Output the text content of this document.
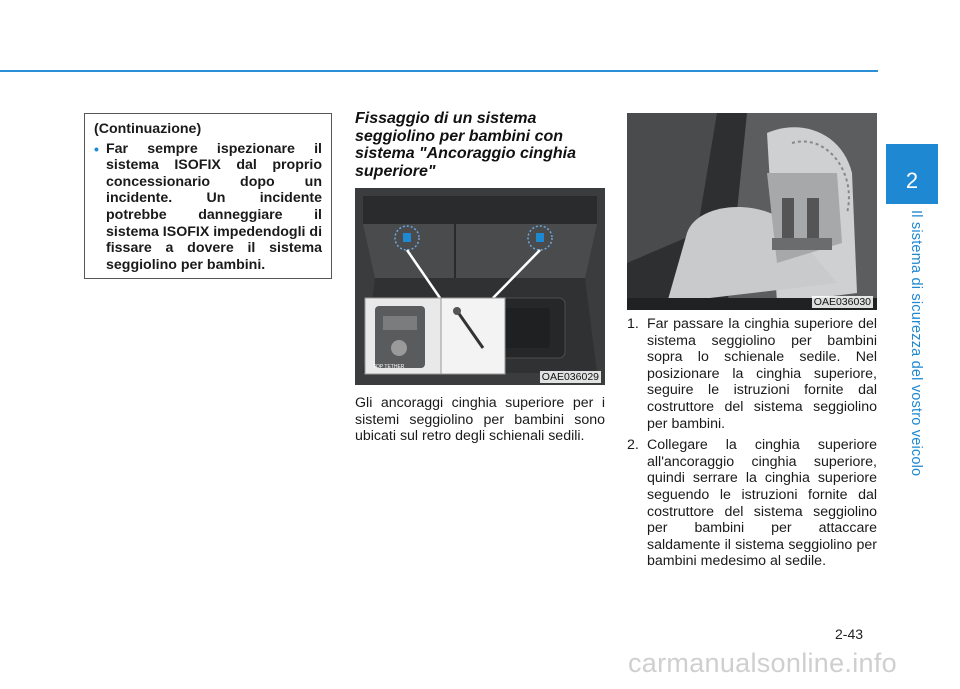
2
Il sistema di sicurezza del vostro veicolo
(Continuazione)
• Far sempre ispezionare il sistema ISOFIX dal proprio concessionario dopo un incidente. Un incidente potrebbe danneggiare il sistema ISOFIX impedendogli di fissare a dovere il sistema seggiolino per bambini.
Fissaggio di un sistema seggiolino per bambini con sistema "Ancoraggio cinghia superiore"
Gli ancoraggi cinghia superiore per i sistemi seggiolino per bambini sono ubicati sul retro degli schienali sedili.
TOP TETHER
OAE036029
OAE036030
1. Far passare la cinghia superiore del sistema seggiolino per bambini sopra lo schienale sedile. Nel posizionare la cinghia superiore, seguire le istruzioni fornite dal costruttore del sistema seggiolino per bambini.
2. Collegare la cinghia superiore all'ancoraggio cinghia superiore, quindi serrare la cinghia superiore seguendo le istruzioni fornite dal costruttore del sistema seggiolino per bambini per attaccare saldamente il sistema seggiolino per bambini medesimo al sedile.
2-43
carmanualsonline.info
